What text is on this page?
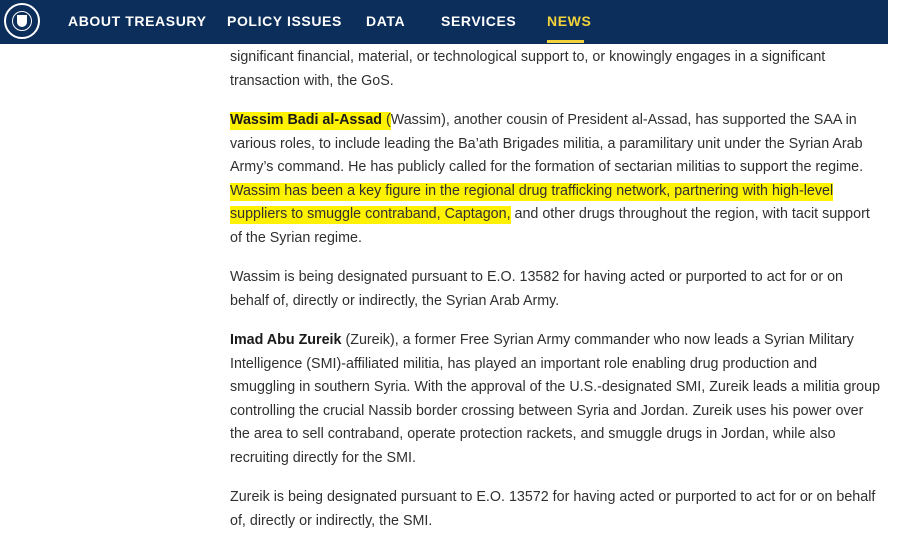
ABOUT TREASURY POLICY ISSUES DATA	SERVICES NEWS

significant financial, material, or technological support to, or knowingly engages in a significant transaction with, the GoS.

Wassim Badi al-Assad (Wassim), another cousin of President al-Assad, has supported the SAA in various roles, to include leading the Ba’ath Brigades militia, a paramilitary unit under the Syrian Arab Army’s command. He has publicly called for the formation of sectarian militias to support the regime. Wassim has been a key figure in the regional drug trafficking network, partnering with high-level suppliers to smuggle contraband, Captagon, and other drugs throughout the region, with tacit support of the Syrian regime.

Wassim is being designated pursuant to E.O. 13582 for having acted or purported to act for or on behalf of, directly or indirectly, the Syrian Arab Army.

Imad Abu Zureik (Zureik), a former Free Syrian Army commander who now leads a Syrian Military Intelligence (SMI)-affiliated militia, has played an important role enabling drug production and smuggling in southern Syria. With the approval of the U.S.-designated SMI, Zureik leads a militia group controlling the crucial Nassib border crossing between Syria and Jordan. Zureik uses his power over the area to sell contraband, operate protection rackets, and smuggle drugs in Jordan, while also recruiting directly for the SMI.

Zureik is being designated pursuant to E.O. 13572 for having acted or purported to act for or on behalf of, directly or indirectly, the SMI.
